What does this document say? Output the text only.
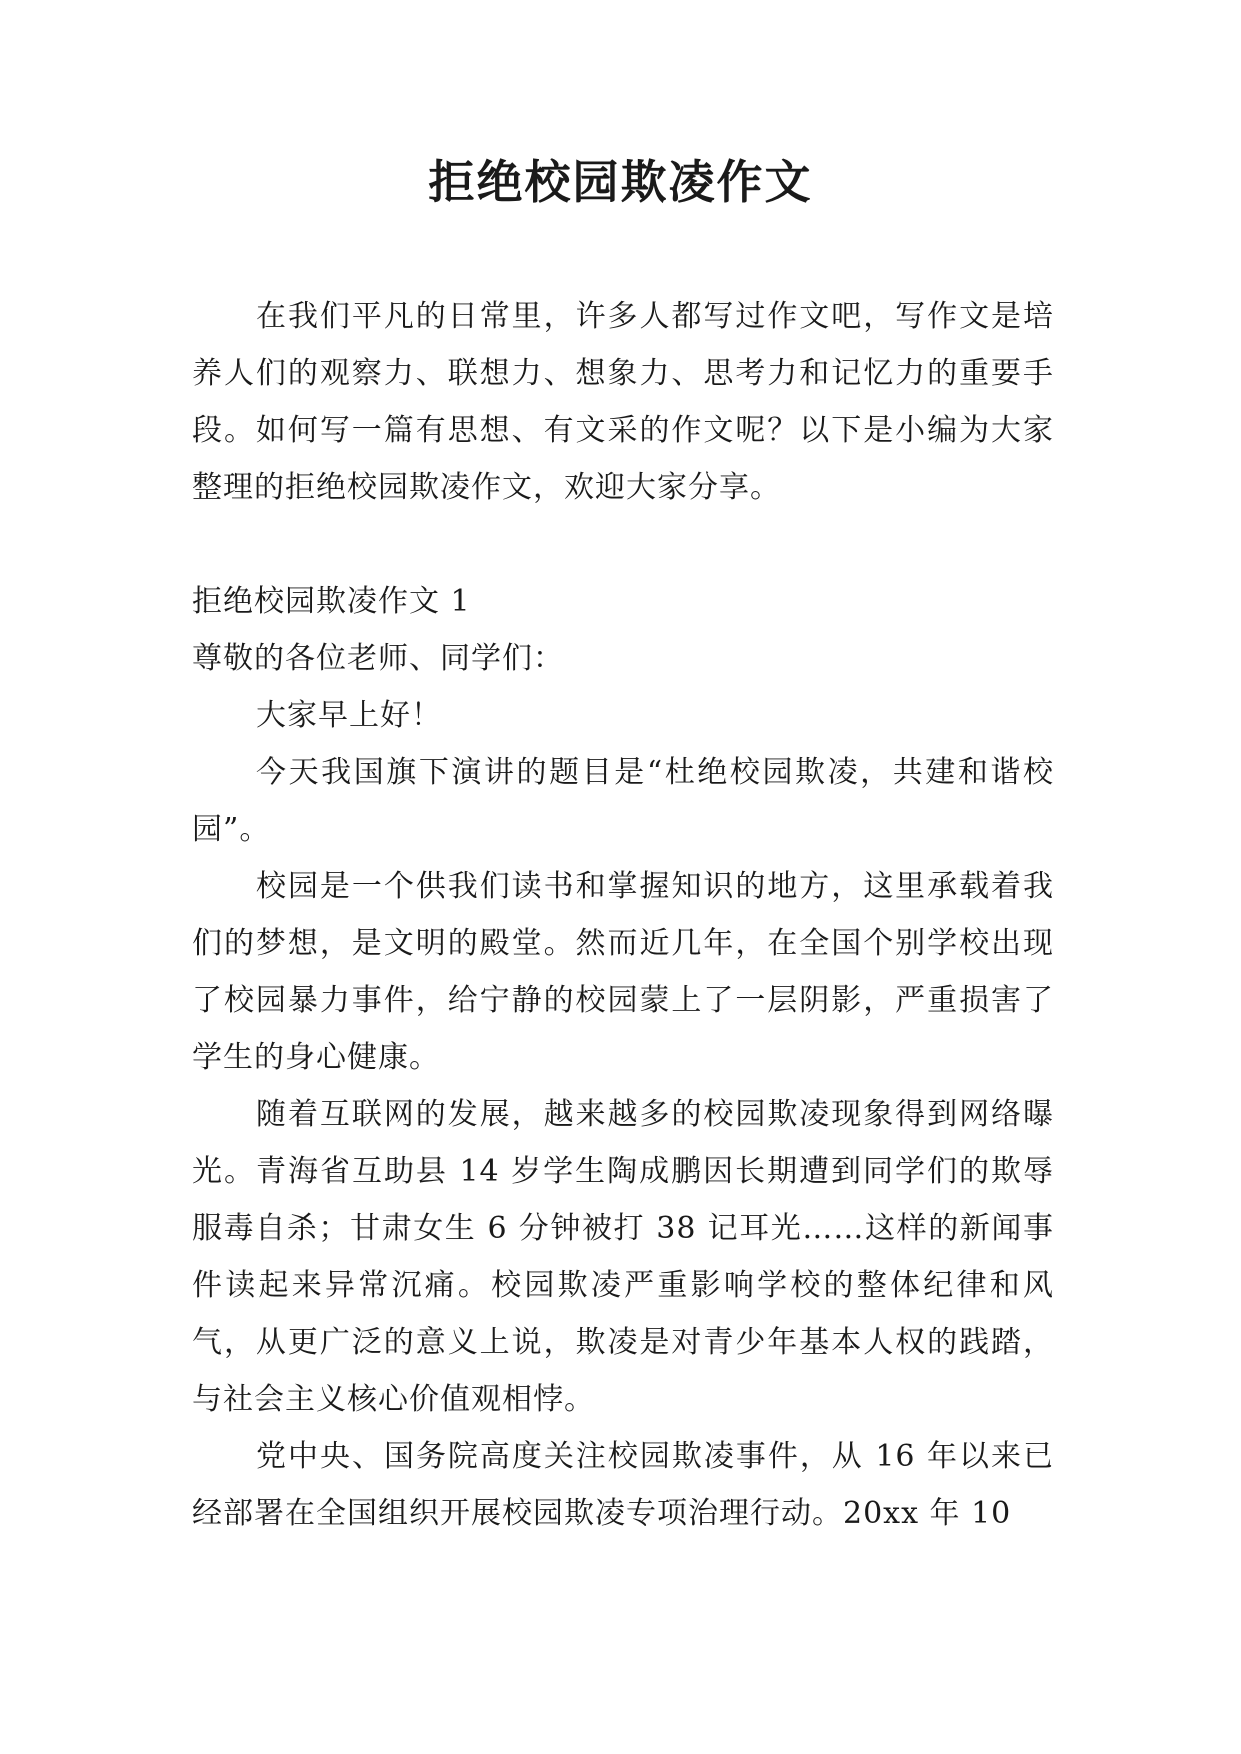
拒绝校园欺凌作文

在我们平凡的日常里，许多人都写过作文吧，写作文是培养人们的观察力、联想力、想象力、思考力和记忆力的重要手段。如何写一篇有思想、有文采的作文呢？以下是小编为大家整理的拒绝校园欺凌作文，欢迎大家分享。

拒绝校园欺凌作文 1

尊敬的各位老师、同学们：

大家早上好！

今天我国旗下演讲的题目是“杜绝校园欺凌，共建和谐校园”。

校园是一个供我们读书和掌握知识的地方，这里承载着我们的梦想，是文明的殿堂。然而近几年，在全国个别学校出现了校园暴力事件，给宁静的校园蒙上了一层阴影，严重损害了学生的身心健康。

随着互联网的发展，越来越多的校园欺凌现象得到网络曝光。青海省互助县 14 岁学生陶成鹏因长期遭到同学们的欺辱服毒自杀；甘肃女生 6 分钟被打 38 记耳光……这样的新闻事件读起来异常沉痛。校园欺凌严重影响学校的整体纪律和风气，从更广泛的意义上说，欺凌是对青少年基本人权的践踏，与社会主义核心价值观相悖。

党中央、国务院高度关注校园欺凌事件，从 16 年以来已经部署在全国组织开展校园欺凌专项治理行动。20xx 年 10
